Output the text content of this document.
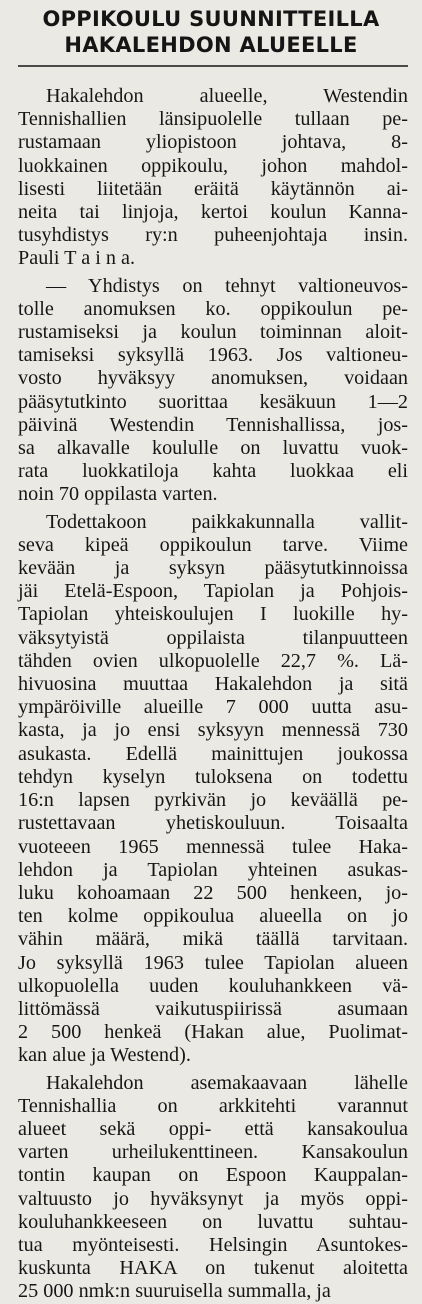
OPPIKOULU SUUNNITTEILLA
HAKALEHDON ALUEELLE
Hakalehdon alueelle, Westendin
Tennishallien länsipuolelle tullaan pe-
rustamaan yliopistoon johtava, 8-
luokkainen oppikoulu, johon mahdol-
lisesti liitetään eräitä käytännön ai-
neita tai linjoja, kertoi koulun Kanna-
tusyhdistys ry:n puheenjohtaja insin.
Pauli T a i n a.
— Yhdistys on tehnyt valtioneuvos-
tolle anomuksen ko. oppikoulun pe-
rustamiseksi ja koulun toiminnan aloit-
tamiseksi syksyllä 1963. Jos valtioneu-
vosto hyväksyy anomuksen, voidaan
pääsytutkinto suorittaa kesäkuun 1—2
päivinä Westendin Tennishallissa, jos-
sa alkavalle koululle on luvattu vuok-
rata luokkatiloja kahta luokkaa eli
noin 70 oppilasta varten.
Todettakoon paikkakunnalla vallit-
seva kipeä oppikoulun tarve. Viime
kevään ja syksyn pääsytutkinnoissa
jäi Etelä-Espoon, Tapiolan ja Pohjois-
Tapiolan yhteiskoulujen I luokille hy-
väksytyistä oppilaista tilanpuutteen
tähden ovien ulkopuolelle 22,7 %. Lä-
hivuosina muuttaa Hakalehdon ja sitä
ympäröiville alueille 7 000 uutta asu-
kasta, ja jo ensi syksyyn mennessä 730
asukasta. Edellä mainittujen joukossa
tehdyn kyselyn tuloksena on todettu
16:n lapsen pyrkivän jo keväällä pe-
rustettavaan yhetiskouluun. Toisaalta
vuoteeen 1965 mennessä tulee Haka-
lehdon ja Tapiolan yhteinen asukas-
luku kohoamaan 22 500 henkeen, jo-
ten kolme oppikoulua alueella on jo
vähin määrä, mikä täällä tarvitaan.
Jo syksyllä 1963 tulee Tapiolan alueen
ulkopuolella uuden kouluhankkeen vä-
littömässä vaikutuspiirissä asumaan
2 500 henkeä (Hakan alue, Puolimat-
kan alue ja Westend).
Hakalehdon asemakaavaan lähelle
Tennishallia on arkkitehti varannut
alueet sekä oppi- että kansakoulua
varten urheilukenttineen. Kansakoulun
tontin kaupan on Espoon Kauppalan-
valtuusto jo hyväksynyt ja myös oppi-
kouluhankkeeseen on luvattu suhtau-
tua myönteisesti. Helsingin Asuntokes-
kuskunta HAKA on tukenut aloitetta
25 000 nmk:n suuruisella summalla, ja
